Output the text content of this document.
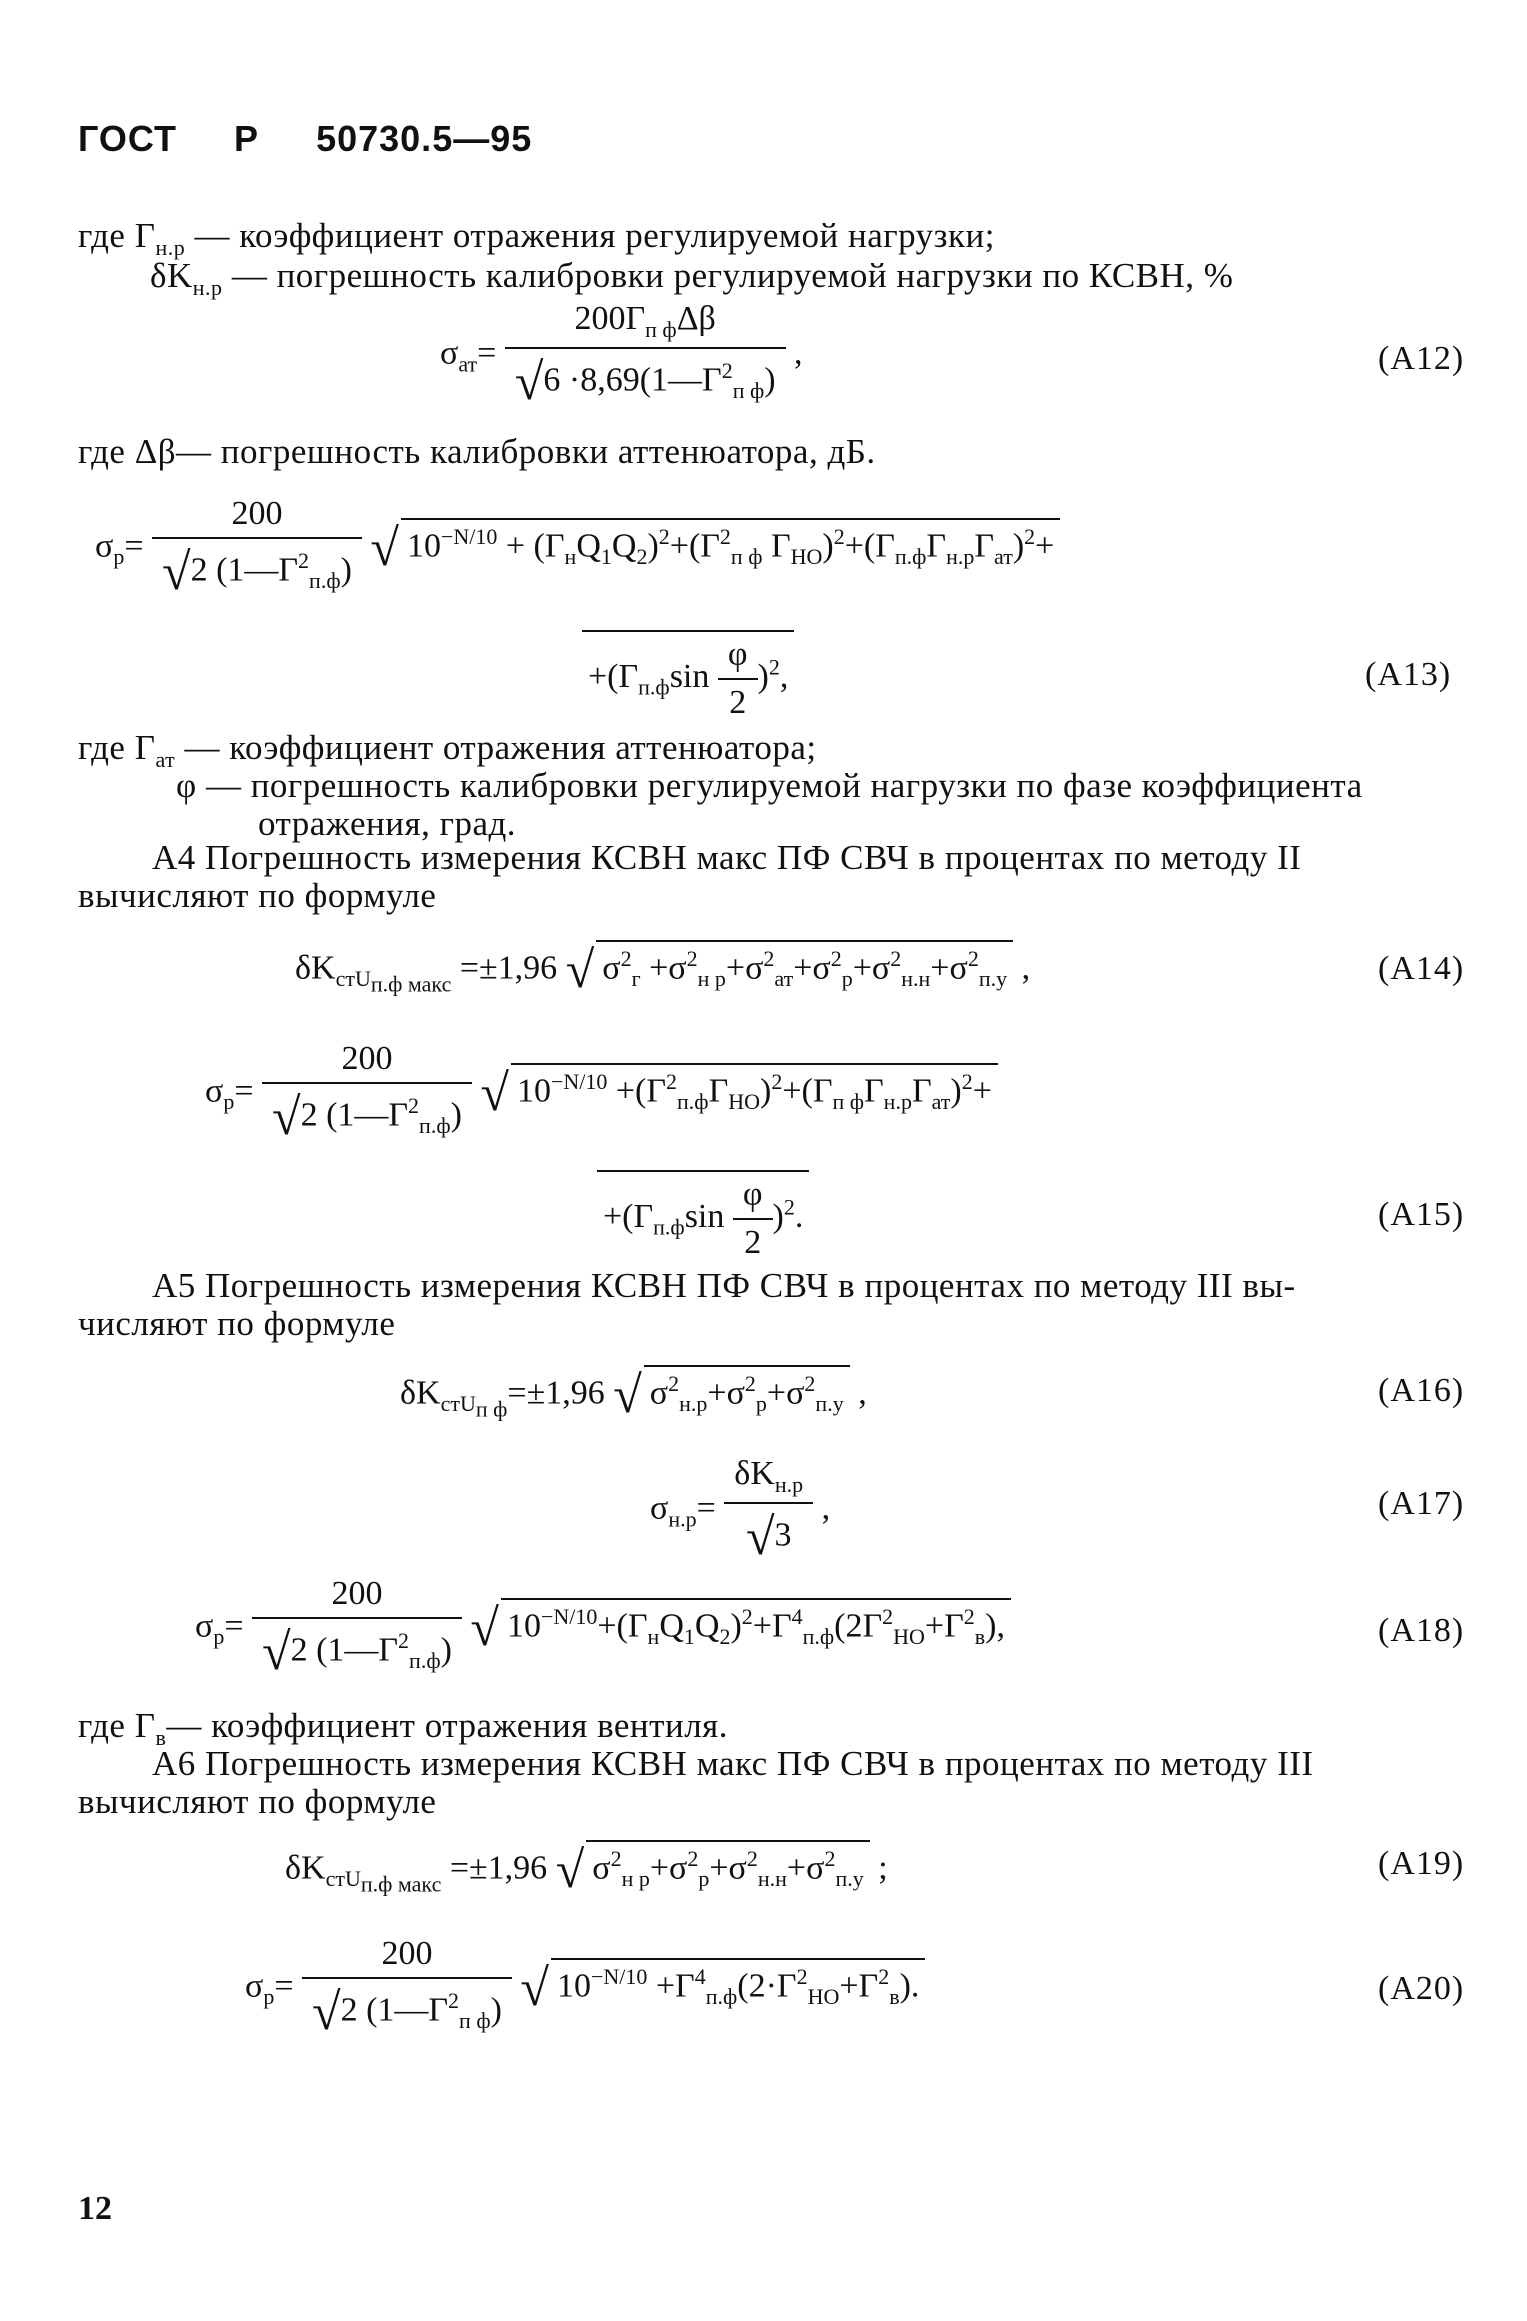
ГОСТ Р 50730.5—95
где $Г_{н.р}$ — коэффициент отражения регулируемой нагрузки;
$\delta K_{н.р}$ — погрешность калибровки регулируемой нагрузки по КСВН, %
$\sigma_{ат}= \frac{200Г_{п ф}\Delta\beta}{√6 \cdot 8,69(1—Г^2_{п ф})}$ ,	(А12)
где Δβ— погрешность калибровки аттенюатора, дБ.
$\sigma_р= \frac{200}{√2 (1—Г^2_{п.ф})}$ √ $10^{-N/10} + (Г_нQ_1Q_2)^2+(Г^2_{п ф}$ $Г_{НО})^2+(Г_{п.ф}Г_{н.р}Г_{ат})^2+$
$+(Г_{п.ф}\sin \frac{\varphi}{2} )^2$,	(А13)
где $Г_{ат}$ — коэффициент отражения аттенюатора;
φ — погрешность калибровки регулируемой нагрузки по фазе коэффициента
отражения, град.
А4 Погрешность измерения КСВН макс ПФ СВЧ в процентах по методу II
вычисляют по формуле
$\delta K_{стU_{п.ф макс}} =\pm 1,96$ √ $\sigma^2_г +\sigma^2_{н р}+\sigma^2_{ат}+\sigma^2_р+\sigma^2_{н.н}+\sigma^2_{п.у}$ ,	(А14)
$\sigma_р= \frac{200}{√2 (1—Г^2_{п.ф})}$ √ $10^{-N/10} +(Г^2_{п.ф}Г_{НО})^2+(Г_{п ф}Г_{н.р}Г_{ат})^2+$
$+(Г_{п.ф}\sin \frac{\varphi}{2} )^2$.	(А15)
А5 Погрешность измерения КСВН ПФ СВЧ в процентах по методу III вы-
числяют по формуле
$\delta K_{стU_{п ф}}=\pm 1,96$ √ $\sigma^2_{н.р}+\sigma^2_р+\sigma^2_{п.у}$ ,	(А16)
$\sigma_{н.р}= \frac{\delta K_{н.р}}{√3}$ ,	(А17)
$\sigma_р= \frac{200}{√2 (1—Г^2_{п.ф})}$ √ $10^{-N/10}+(Г_нQ_1Q_2)^2+Г^4_{п.ф}(2Г^2_{НО}+Г^2_в)$,	(А18)
где $Г_в—$ коэффициент отражения вентиля.
А6 Погрешность измерения КСВН макс ПФ СВЧ в процентах по методу III
вычисляют по формуле
$\delta K_{стU_{п.ф макс}} =\pm 1,96$ √ $\sigma^2_{н р}+\sigma^2_р+\sigma^2_{н.н}+\sigma^2_{п.у}$ ;	(А19)
$\sigma_р= \frac{200}{√2 (1—Г^2_{п ф})}$ √ $10^{-N/10} +Г^4_{п.ф}(2\cdot Г^2_{НО}+Г^2_в)$.	(А20)
12
